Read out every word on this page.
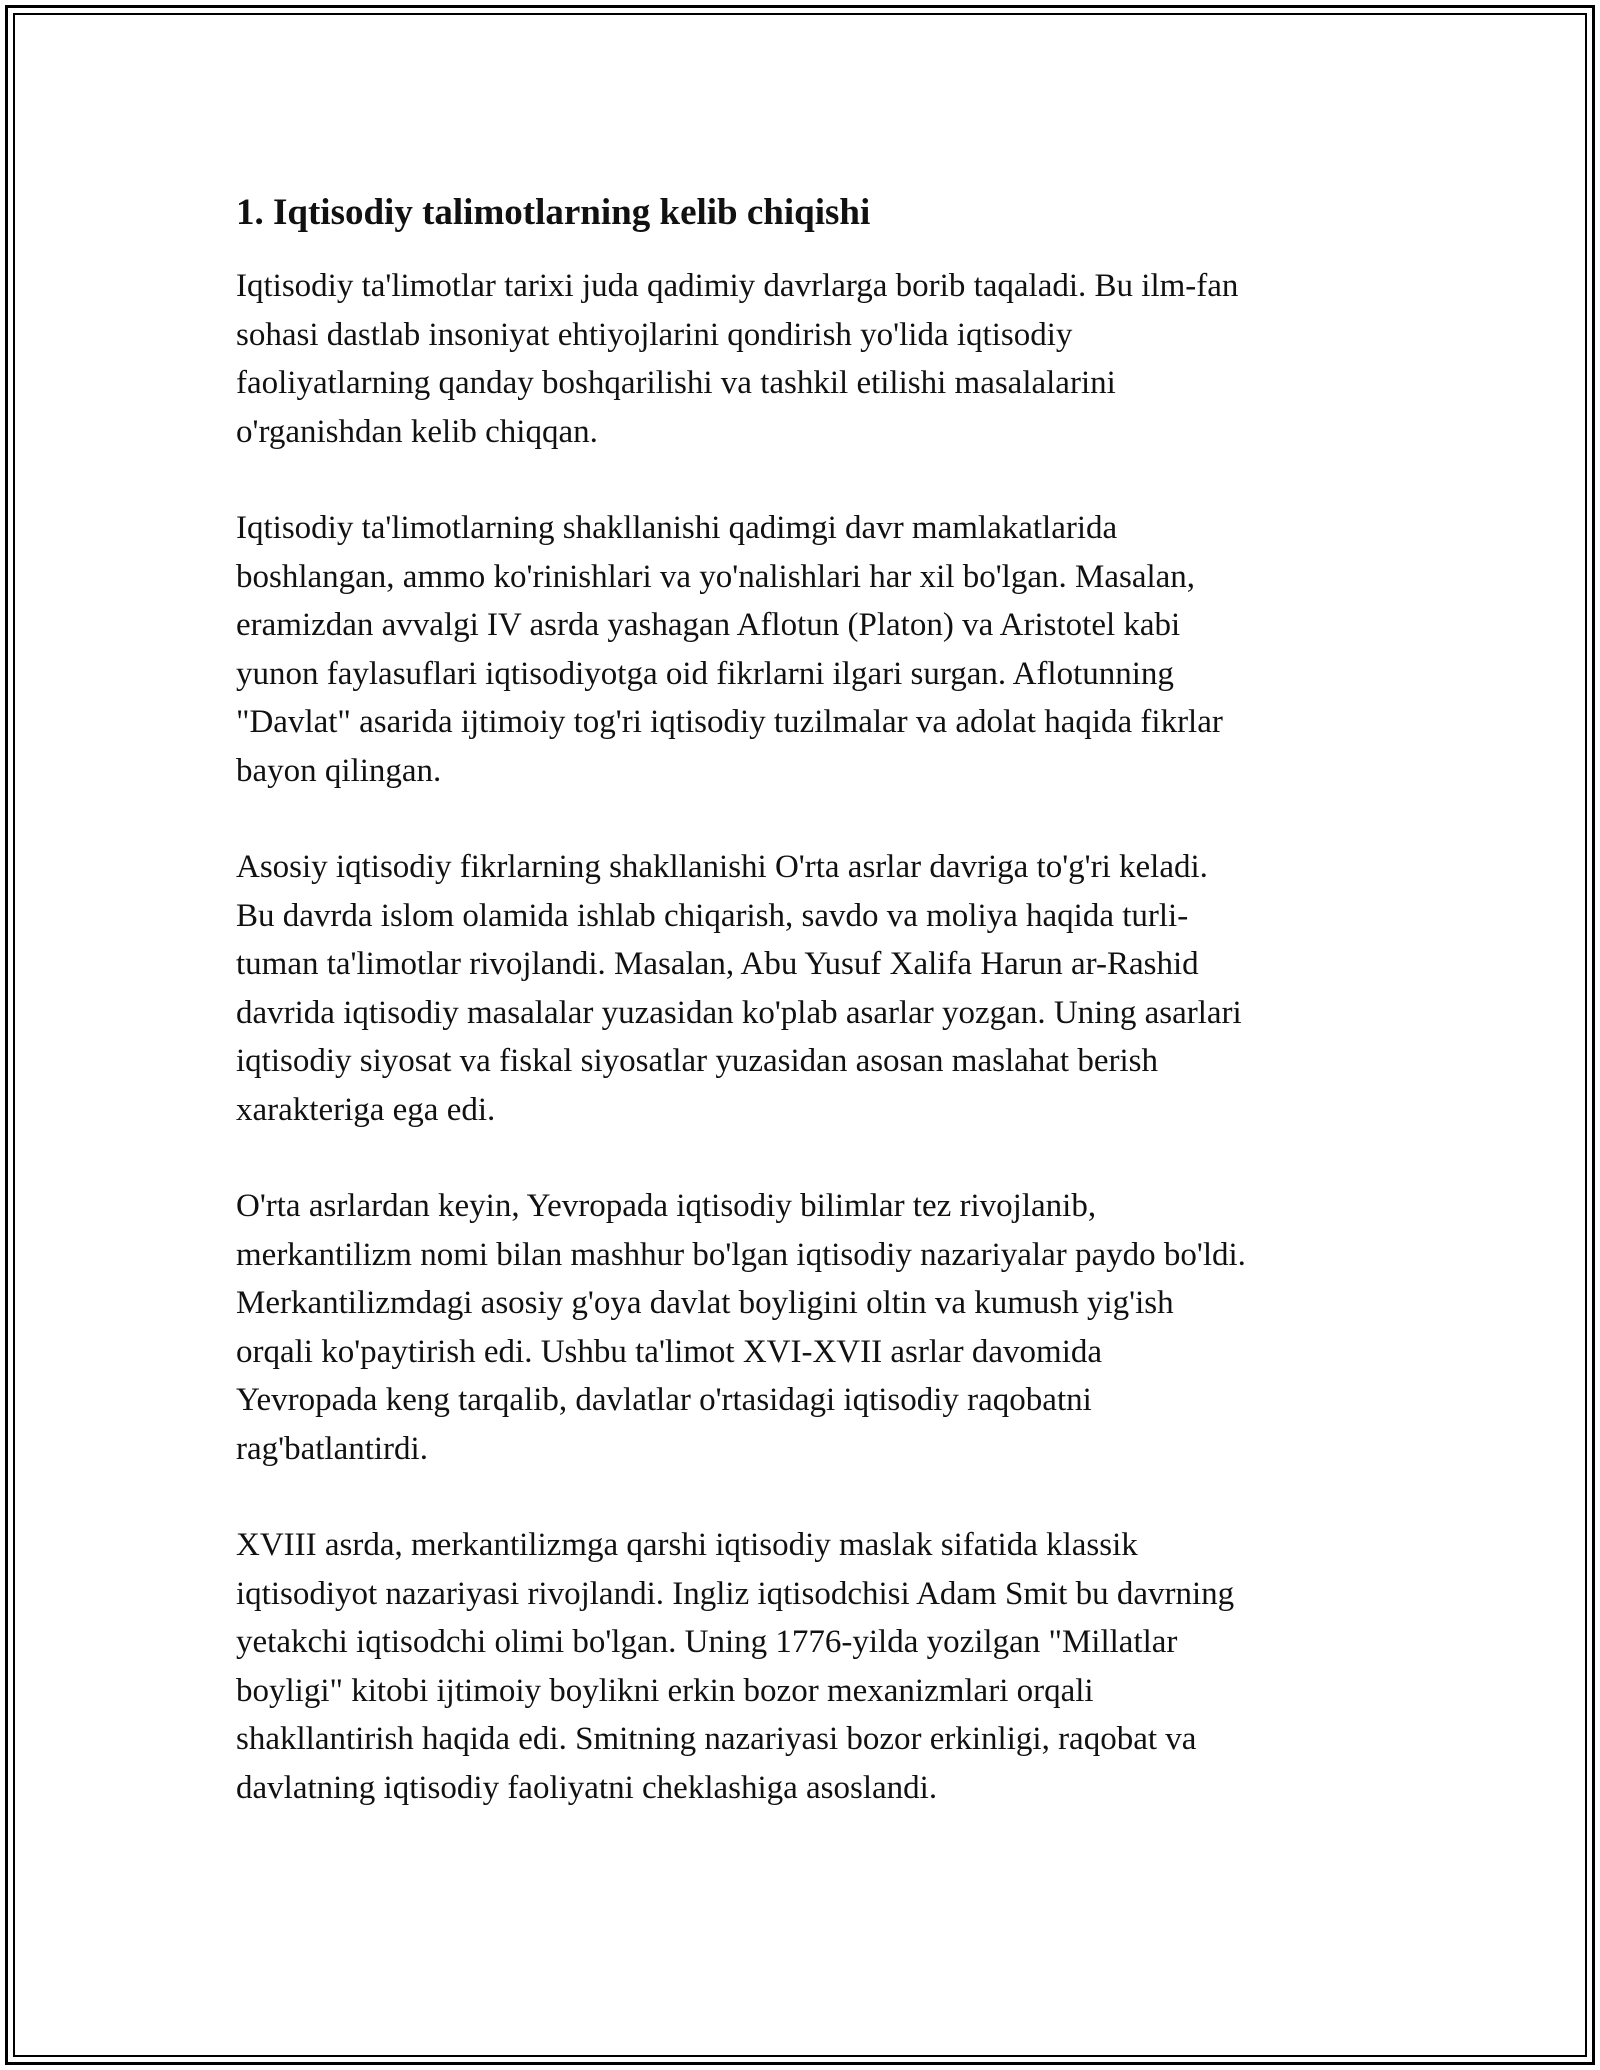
1. Iqtisodiy talimotlarning kelib chiqishi

Iqtisodiy ta'limotlar tarixi juda qadimiy davrlarga borib taqaladi. Bu ilm-fan
sohasi dastlab insoniyat ehtiyojlarini qondirish yo'lida iqtisodiy
faoliyatlarning qanday boshqarilishi va tashkil etilishi masalalarini
o'rganishdan kelib chiqqan.

Iqtisodiy ta'limotlarning shakllanishi qadimgi davr mamlakatlarida
boshlangan, ammo ko'rinishlari va yo'nalishlari har xil bo'lgan. Masalan,
eramizdan avvalgi IV asrda yashagan Aflotun (Platon) va Aristotel kabi
yunon faylasuflari iqtisodiyotga oid fikrlarni ilgari surgan. Aflotunning
"Davlat" asarida ijtimoiy tog'ri iqtisodiy tuzilmalar va adolat haqida fikrlar
bayon qilingan.

Asosiy iqtisodiy fikrlarning shakllanishi O'rta asrlar davriga to'g'ri keladi.
Bu davrda islom olamida ishlab chiqarish, savdo va moliya haqida turli-
tuman ta'limotlar rivojlandi. Masalan, Abu Yusuf Xalifa Harun ar-Rashid
davrida iqtisodiy masalalar yuzasidan ko'plab asarlar yozgan. Uning asarlari
iqtisodiy siyosat va fiskal siyosatlar yuzasidan asosan maslahat berish
xarakteriga ega edi.

O'rta asrlardan keyin, Yevropada iqtisodiy bilimlar tez rivojlanib,
merkantilizm nomi bilan mashhur bo'lgan iqtisodiy nazariyalar paydo bo'ldi.
Merkantilizmdagi asosiy g'oya davlat boyligini oltin va kumush yig'ish
orqali ko'paytirish edi. Ushbu ta'limot XVI-XVII asrlar davomida
Yevropada keng tarqalib, davlatlar o'rtasidagi iqtisodiy raqobatni
rag'batlantirdi.

XVIII asrda, merkantilizmga qarshi iqtisodiy maslak sifatida klassik
iqtisodiyot nazariyasi rivojlandi. Ingliz iqtisodchisi Adam Smit bu davrning
yetakchi iqtisodchi olimi bo'lgan. Uning 1776-yilda yozilgan "Millatlar
boyligi" kitobi ijtimoiy boylikni erkin bozor mexanizmlari orqali
shakllantirish haqida edi. Smitning nazariyasi bozor erkinligi, raqobat va
davlatning iqtisodiy faoliyatni cheklashiga asoslandi.
